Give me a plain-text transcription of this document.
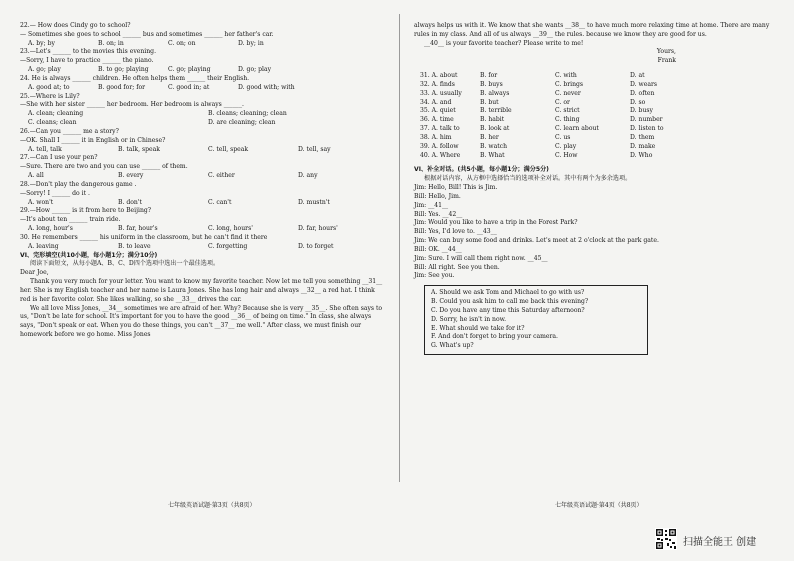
22.— How does Cindy go to school?
— Sometimes she goes to school ______ bus and sometimes ______ her father's car.
A. by; by	B. on; in	C. on; on	D. by; in
23.—Let's ______ to the movies this evening.
—Sorry, I have to practice ______ the piano.
A. go; play	B. to go; playing	C. go; playing	D. go; play
24. He is always ______ children. He often helps them ______ their English.
A. good at; to	B. good for; for	C. good in; at	D. good with; with
25.—Where is Lily?
—She with her sister ______ her bedroom. Her bedroom is always ______.
A. clean; cleaning	B. cleans; cleaning; clean
C. cleans; clean	D. are cleaning; clean
26.—Can you ______ me a story?
—OK. Shall I ______ it in English or in Chinese?
A. tell, talk	B. talk, speak	C. tell, speak	D. tell, say
27.—Can I use your pen?
—Sure. There are two and you can use ______ of them.
A. all	B. every	C. either	D. any
28.—Don't play the dangerous game .
—Sorry! I ______ do it .
A. won't	B. don't	C. can't	D. mustn't
29.—How ______ is it from here to Beijing?
—It's about ten ______ train ride.
A. long, hour's	B. far, hour's	C. long, hours'	D. far, hours'
30. He remembers ______ his uniform in the classroom, but he can't find it there
A. leaving	B. to leave	C. forgetting	D. to forget
VI、完形填空(共10小题，每小题1分；满分10分)
阅读下面短文，从每小题A、B、C、D四个选项中选出一个最佳选项。
Dear Joe,
Thank you very much for your letter. You want to know my favorite teacher. Now let me tell you something __31__ her. She is my English teacher and her name is Laura Jones. She has long hair and always __32__ a red hat. I think red is her favorite color. She likes walking, so she __33__ drives the car.
We all love Miss Jones, __34__ sometimes we are afraid of her. Why? Because she is very __35__. She often says to us, "Don't be late for school. It's important for you to have the good __36__ of being on time." In class, she always says, "Don't speak or eat. When you do these things, you can't __37__ me well." After class, we must finish our homework before we go home. Miss Jones
七年级英语试题·第3页（共8页）
always helps us with it. We know that she wants __38__ to have much more relaxing time at home. There are many rules in my class. And all of us always __39__ the rules. because we know they are good for us.
__40__ is your favorite teacher? Please write to me!
Yours,
Frank
31. A. about	B. for	C. with	D. at
32. A. finds	B. buys	C. brings	D. wears
33. A. usually	B. always	C. never	D. often
34. A. and	B. but	C. or	D. so
35. A. quiet	B. terrible	C. strict	D. busy
36. A. time	B. habit	C. thing	D. number
37. A. talk to	B. look at	C. learn about	D. listen to
38. A. him	B. her	C. us	D. them
39. A. follow	B. watch	C. play	D. make
40. A. Where	B. What	C. How	D. Who
VI、补全对话。(共5小题，每小题1分；满分5分)
根据对话内容，从方框中选择恰当的选项补全对话。其中有两个为多余选项。
Jim: Hello, Bill! This is Jim.
Bill: Hello, Jim.
Jim: __41__
Bill: Yes. __42__
Jim: Would you like to have a trip in the Forest Park?
Bill: Yes, I'd love to. __43__
Jim: We can buy some food and drinks. Let's meet at 2 o'clock at the park gate.
Bill: OK. __44__
Jim: Sure. I will call them right now. __45__
Bill: All right. See you then.
Jim: See you.
A. Should we ask Tom and Michael to go with us?
B. Could you ask him to call me back this evening?
C. Do you have any time this Saturday afternoon?
D. Sorry, he isn't in now.
E. What should we take for it?
F. And don't forget to bring your camera.
G. What's up?
七年级英语试题·第4页（共8页）
扫描全能王 创建
